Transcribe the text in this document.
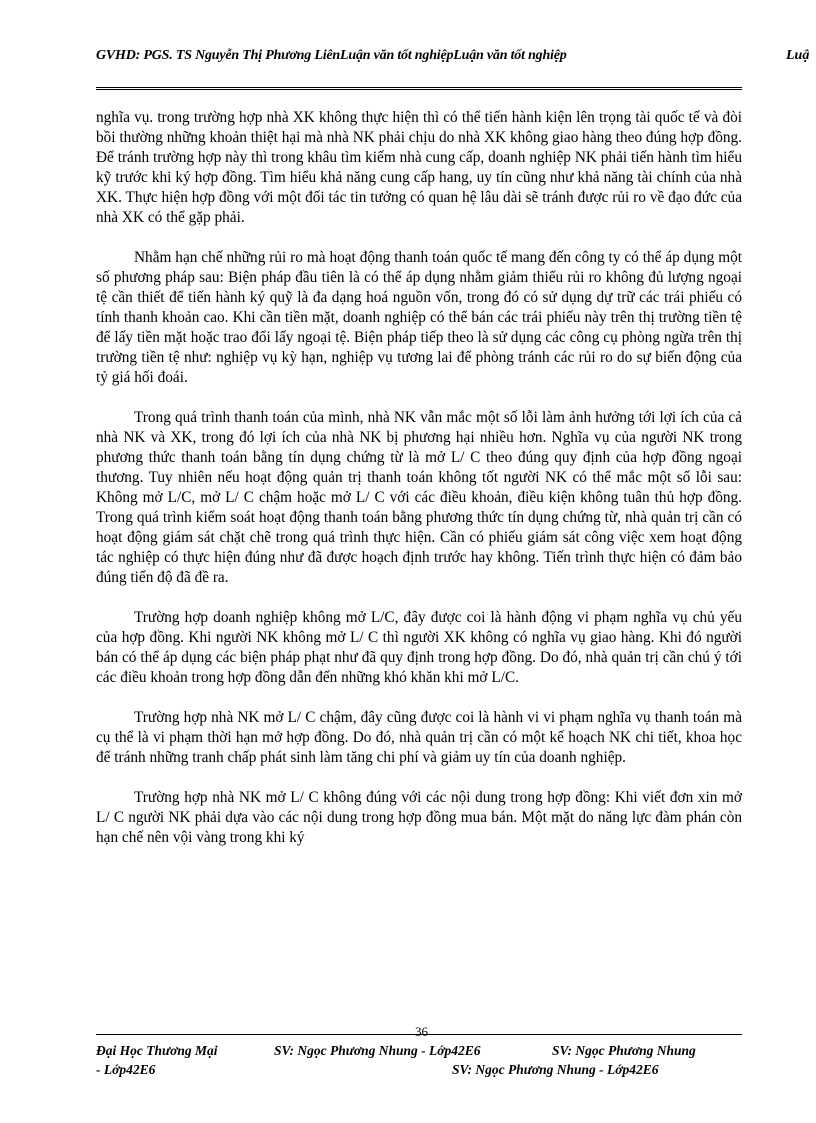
GVHD: PGS. TS Nguyễn Thị Phương LiênLuận văn tốt nghiệpLuận văn tốt nghiệp	Luậ

nghĩa vụ. trong trường hợp nhà XK không thực hiện thì có thể tiến hành kiện lên trọng tài quốc tế và đòi bồi thường những khoản thiệt hại mà nhà NK phải chịu do nhà XK không giao hàng theo đúng hợp đồng. Để tránh trường hợp này thì trong khâu tìm kiếm nhà cung cấp, doanh nghiệp NK phải tiến hành tìm hiểu kỹ trước khi ký hợp đồng. Tìm hiểu khả năng cung cấp hang, uy tín cũng như khả năng tài chính của nhà XK. Thực hiện hợp đồng với một đối tác tin tưởng có quan hệ lâu dài sẽ tránh được rủi ro về đạo đức của nhà XK có thể gặp phải.

Nhằm hạn chế những rủi ro mà hoạt động thanh toán quốc tế mang đến công ty có thể áp dụng một số phương pháp sau: Biện pháp đầu tiên là có thể áp dụng nhằm giảm thiểu rủi ro không đủ lượng ngoại tệ cần thiết để tiến hành ký quỹ là đa dạng hoá nguồn vốn, trong đó có sử dụng dự trữ các trái phiếu có tính thanh khoản cao. Khi cần tiền mặt, doanh nghiệp có thể bán các trái phiếu này trên thị trường tiền tệ để lấy tiền mặt hoặc trao đổi lấy ngoại tệ. Biện pháp tiếp theo là sử dụng các công cụ phòng ngừa trên thị trường tiền tệ như: nghiệp vụ kỳ hạn, nghiệp vụ tương lai để phòng tránh các rủi ro do sự biến động của tỷ giá hối đoái.

Trong quá trình thanh toán của mình, nhà NK vẫn mắc một số lỗi làm ảnh hưởng tới lợi ích của cả nhà NK và XK, trong đó lợi ích của nhà NK bị phương hại nhiều hơn. Nghĩa vụ của người NK trong phương thức thanh toán bằng tín dụng chứng từ là mở L/ C theo đúng quy định của hợp đồng ngoại thương. Tuy nhiên nếu hoạt động quản trị thanh toán không tốt người NK có thể mắc một số lỗi sau: Không mở L/C, mở L/ C chậm hoặc mở L/ C với các điều khoản, điều kiện không tuân thủ hợp đồng. Trong quá trình kiểm soát hoạt động thanh toán bằng phương thức tín dụng chứng từ, nhà quản trị cần có hoạt động giám sát chặt chẽ trong quá trình thực hiện. Cần có phiếu giám sát công việc xem hoạt động tác nghiệp có thực hiện đúng như đã được hoạch định trước hay không. Tiến trình thực hiện có đảm bảo đúng tiến độ đã đề ra.

Trường hợp doanh nghiệp không mở L/C, đây được coi là hành động vi phạm nghĩa vụ chủ yếu của hợp đồng. Khi người NK không mở L/ C thì người XK không có nghĩa vụ giao hàng. Khi đó người bán có thể áp dụng các biện pháp phạt như đã quy định trong hợp đồng. Do đó, nhà quản trị cần chú ý tới các điều khoản trong hợp đồng dẫn đến những khó khăn khi mở L/C.

Trường hợp nhà NK mở L/ C chậm, đây cũng được coi là hành vi vi phạm nghĩa vụ thanh toán mà cụ thể là vi phạm thời hạn mở hợp đồng. Do đó, nhà quản trị cần có một kế hoạch NK chi tiết, khoa học để tránh những tranh chấp phát sinh làm tăng chi phí và giảm uy tín của doanh nghiệp.

Trường hợp nhà NK mở L/ C không đúng với các nội dung trong hợp đồng: Khi viết đơn xin mở L/ C người NK phải dựa vào các nội dung trong hợp đồng mua bán. Một mặt do năng lực đàm phán còn hạn chế nên vội vàng trong khi ký

36
Đại Học Thương Mại	SV: Ngọc Phương Nhung - Lớp42E6	SV: Ngọc Phương Nhung
- Lớp42E6	SV: Ngọc Phương Nhung - Lớp42E6
